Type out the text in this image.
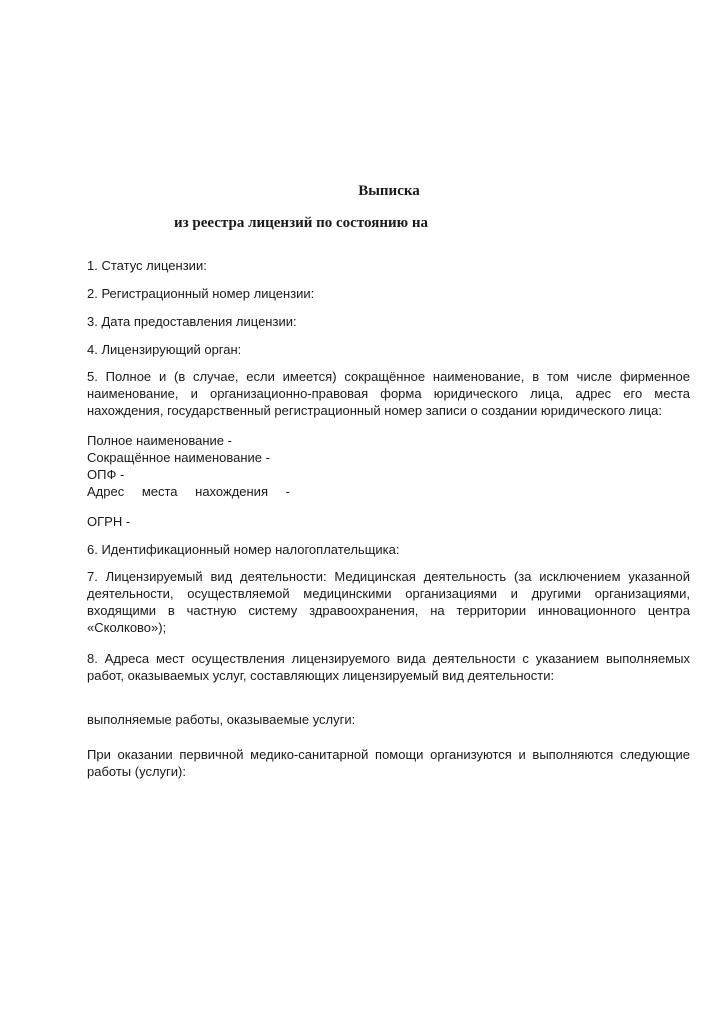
Выписка

из реестра лицензий по состоянию на

1. Статус лицензии:

2. Регистрационный номер лицензии:

3. Дата предоставления лицензии:

4. Лицензирующий орган:

5. Полное и (в случае, если имеется) сокращённое наименование, в том числе фирменное наименование, и организационно-правовая форма юридического лица, адрес его места нахождения, государственный регистрационный номер записи о создании юридического лица:

Полное наименование -
Сокращённое наименование -
ОПФ -
Адрес места нахождения -

ОГРН -

6. Идентификационный номер налогоплательщика:

7. Лицензируемый вид деятельности: Медицинская деятельность (за исключением указанной деятельности, осуществляемой медицинскими организациями и другими организациями, входящими в частную систему здравоохранения, на территории инновационного центра «Сколково»);

8. Адреса мест осуществления лицензируемого вида деятельности с указанием выполняемых работ, оказываемых услуг, составляющих лицензируемый вид деятельности:

выполняемые работы, оказываемые услуги:

При оказании первичной медико-санитарной помощи организуются и выполняются следующие работы (услуги):
